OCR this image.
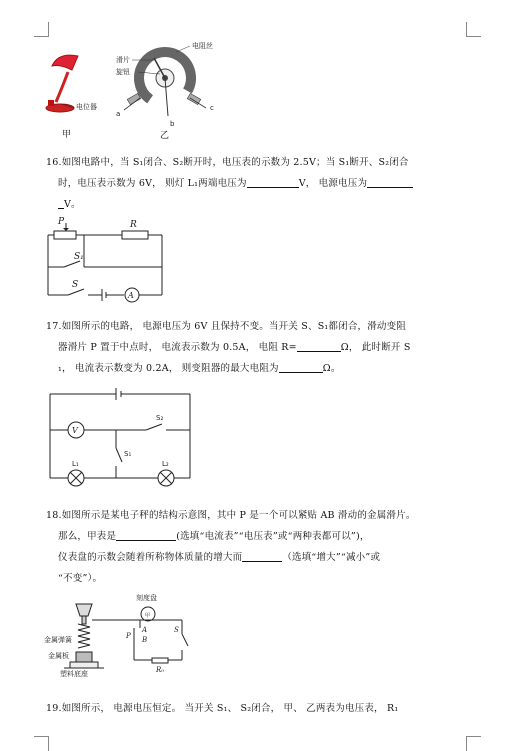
电位器
甲
电阻丝
滑片
旋钮
a
b
c
乙
16.如图电路中，当 S₁闭合、S₂断开时，电压表的示数为 2.5V；当 S₁断开、S₂闭合
时，电压表示数为 6V， 则灯 L₁两端电压为	V， 电源电压为
V。
P	R
S₁
S
A
17.如图所示的电路， 电源电压为 6V 且保持不变。当开关 S、S₁都闭合，滑动变阻
器滑片 P 置于中点时， 电流表示数为 0.5A， 电阻 R=	Ω， 此时断开 S
₁， 电流表示数变为 0.2A， 则变阻器的最大电阻为	Ω。
V
S₂
S₁
L₁	L₂
18.如图所示是某电子秤的结构示意图，其中 P 是一个可以紧贴 AB 滑动的金属滑片。
那么，甲表是	(选填“电流表”“电压表”或“两种表都可以”)，
仪表盘的示数会随着所称物体质量的增大而	（选填“增大”“减小”或
“不变”）。
刻度盘
甲
金属弹簧
金属板
塑料底座
A
B
P
S
R₀
19.如图所示， 电源电压恒定。 当开关 S₁、 S₂闭合， 甲、 乙两表为电压表， R₁
